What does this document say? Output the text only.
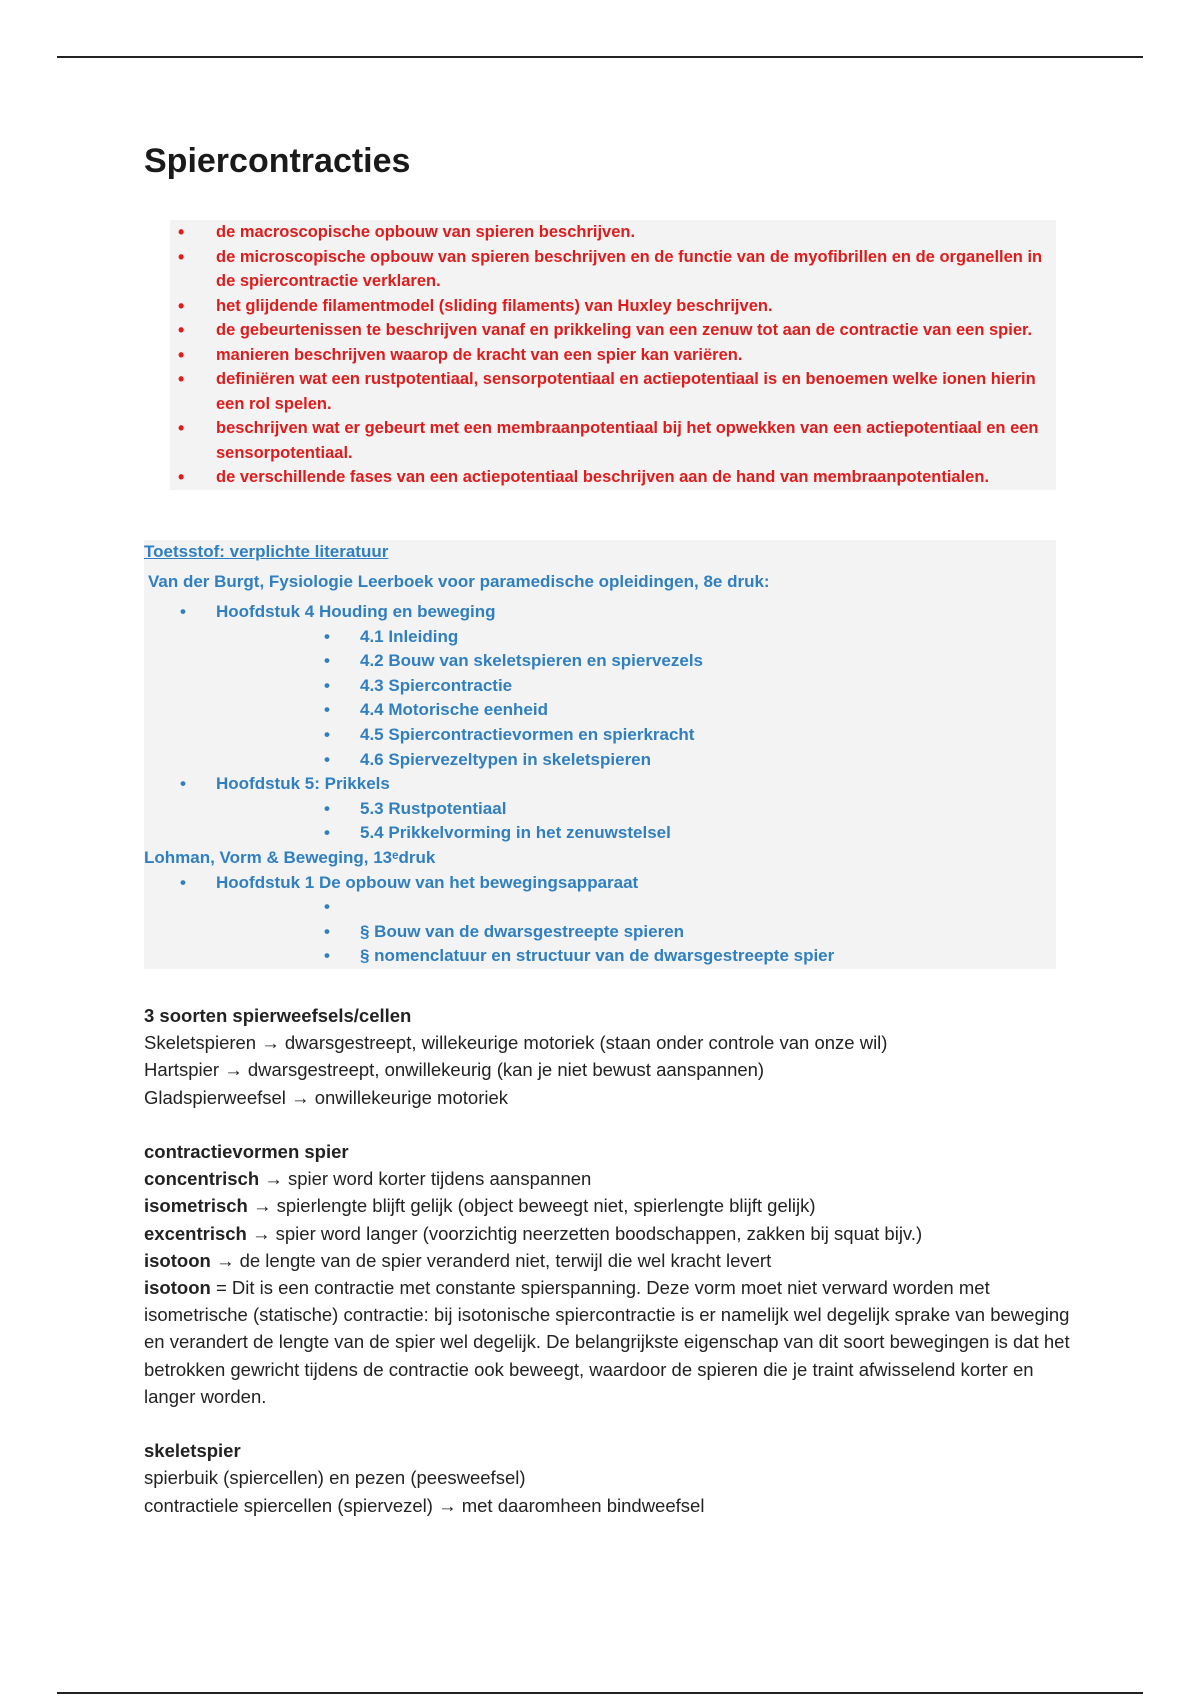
Spiercontracties
• de macroscopische opbouw van spieren beschrijven.
• de microscopische opbouw van spieren beschrijven en de functie van de myofibrillen en de organellen in de spiercontractie verklaren.
• het glijdende filamentmodel (sliding filaments) van Huxley beschrijven.
• de gebeurtenissen te beschrijven vanaf en prikkeling van een zenuw tot aan de contractie van een spier.
• manieren beschrijven waarop de kracht van een spier kan variëren.
• definiëren wat een rustpotentiaal, sensorpotentiaal en actiepotentiaal is en benoemen welke ionen hierin een rol spelen.
• beschrijven wat er gebeurt met een membraanpotentiaal bij het opwekken van een actiepotentiaal en een sensorpotentiaal.
• de verschillende fases van een actiepotentiaal beschrijven aan de hand van membraanpotentialen.
Toetsstof: verplichte literatuur
Van der Burgt, Fysiologie Leerboek voor paramedische opleidingen, 8e druk:
• Hoofdstuk 4 Houding en beweging
• 4.1 Inleiding
• 4.2 Bouw van skeletspieren en spiervezels
• 4.3 Spiercontractie
• 4.4 Motorische eenheid
• 4.5 Spiercontractievormen en spierkracht
• 4.6 Spiervezeltypen in skeletspieren
• Hoofdstuk 5: Prikkels
• 5.3 Rustpotentiaal
• 5.4 Prikkelvorming in het zenuwstelsel
Lohman, Vorm & Beweging, 13ᵉdruk
• Hoofdstuk 1 De opbouw van het bewegingsapparaat
•
• § Bouw van de dwarsgestreepte spieren
• § nomenclatuur en structuur van de dwarsgestreepte spier

3 soorten spierweefsels/cellen

Skeletspieren → dwarsgestreept, willekeurige motoriek (staan onder controle van onze wil)

Hartspier → dwarsgestreept, onwillekeurig (kan je niet bewust aanspannen)

Gladspierweefsel → onwillekeurige motoriek

contractievormen spier

concentrisch → spier word korter tijdens aanspannen

isometrisch → spierlengte blijft gelijk (object beweegt niet, spierlengte blijft gelijk)

excentrisch → spier word langer (voorzichtig neerzetten boodschappen, zakken bij squat bijv.)

isotoon → de lengte van de spier veranderd niet, terwijl die wel kracht levert

isotoon = Dit is een contractie met constante spierspanning. Deze vorm moet niet verward worden met isometrische (statische) contractie: bij isotonische spiercontractie is er namelijk wel degelijk sprake van beweging en verandert de lengte van de spier wel degelijk. De belangrijkste eigenschap van dit soort bewegingen is dat het betrokken gewricht tijdens de contractie ook beweegt, waardoor de spieren die je traint afwisselend korter en langer worden.

skeletspier

spierbuik (spiercellen) en pezen (peesweefsel)

contractiele spiercellen (spiervezel) → met daaromheen bindweefsel
